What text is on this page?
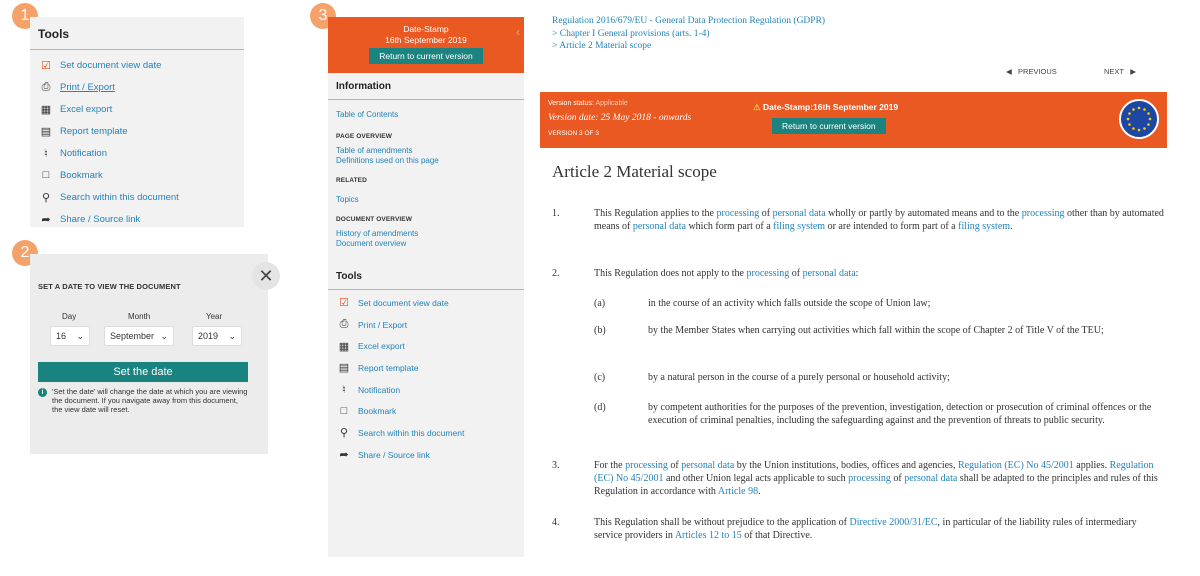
1
2
3
Tools
☑ Set document view date
⎙	Print / Export
▦ Excel export
▤ Report template
♮	Notification
□	Bookmark
⚲	Search within this document
➦ Share / Source link
✕
SET A DATE TO VIEW THE DOCUMENT
Day	Month	Year
16 ⌄	September ⌄	2019 ⌄
Set the date
i	'Set the date' will change the date at which you are viewing the document. If you navigate away from this document, the view date will reset.
Date-Stamp
16th September 2019
Return to current version
‹
Information
Table of Contents
PAGE OVERVIEW
Table of amendments
Definitions used on this page
RELATED
Topics
DOCUMENT OVERVIEW
History of amendments
Document overview
Tools
☑	Set document view date
⎙	Print / Export
▦	Excel export
▤	Report template
♮	Notification
□	Bookmark
⚲	Search within this document
➦	Share / Source link
Regulation 2016/679/EU - General Data Protection Regulation (GDPR)
> Chapter I General provisions (arts. 1-4)
> Article 2 Material scope
◀ PREVIOUS	NEXT ▶
Version status: Applicable
Version date: 25 May 2018 - onwards
VERSION 3 OF 3
⚠ Date-Stamp:16th September 2019
Return to current version
Article 2 Material scope
1.	This Regulation applies to the processing of personal data wholly or partly by automated means and to the processing other than by automated means of personal data which form part of a filing system or are intended to form part of a filing system.
2.	This Regulation does not apply to the processing of personal data:
(a)	in the course of an activity which falls outside the scope of Union law;
(b)	by the Member States when carrying out activities which fall within the scope of Chapter 2 of Title V of the TEU;
(c)	by a natural person in the course of a purely personal or household activity;
(d)	by competent authorities for the purposes of the prevention, investigation, detection or prosecution of criminal offences or the execution of criminal penalties, including the safeguarding against and the prevention of threats to public security.
3.	For the processing of personal data by the Union institutions, bodies, offices and agencies, Regulation (EC) No 45/2001 applies. Regulation (EC) No 45/2001 and other Union legal acts applicable to such processing of personal data shall be adapted to the principles and rules of this Regulation in accordance with Article 98.
4.	This Regulation shall be without prejudice to the application of Directive 2000/31/EC, in particular of the liability rules of intermediary service providers in Articles 12 to 15 of that Directive.
